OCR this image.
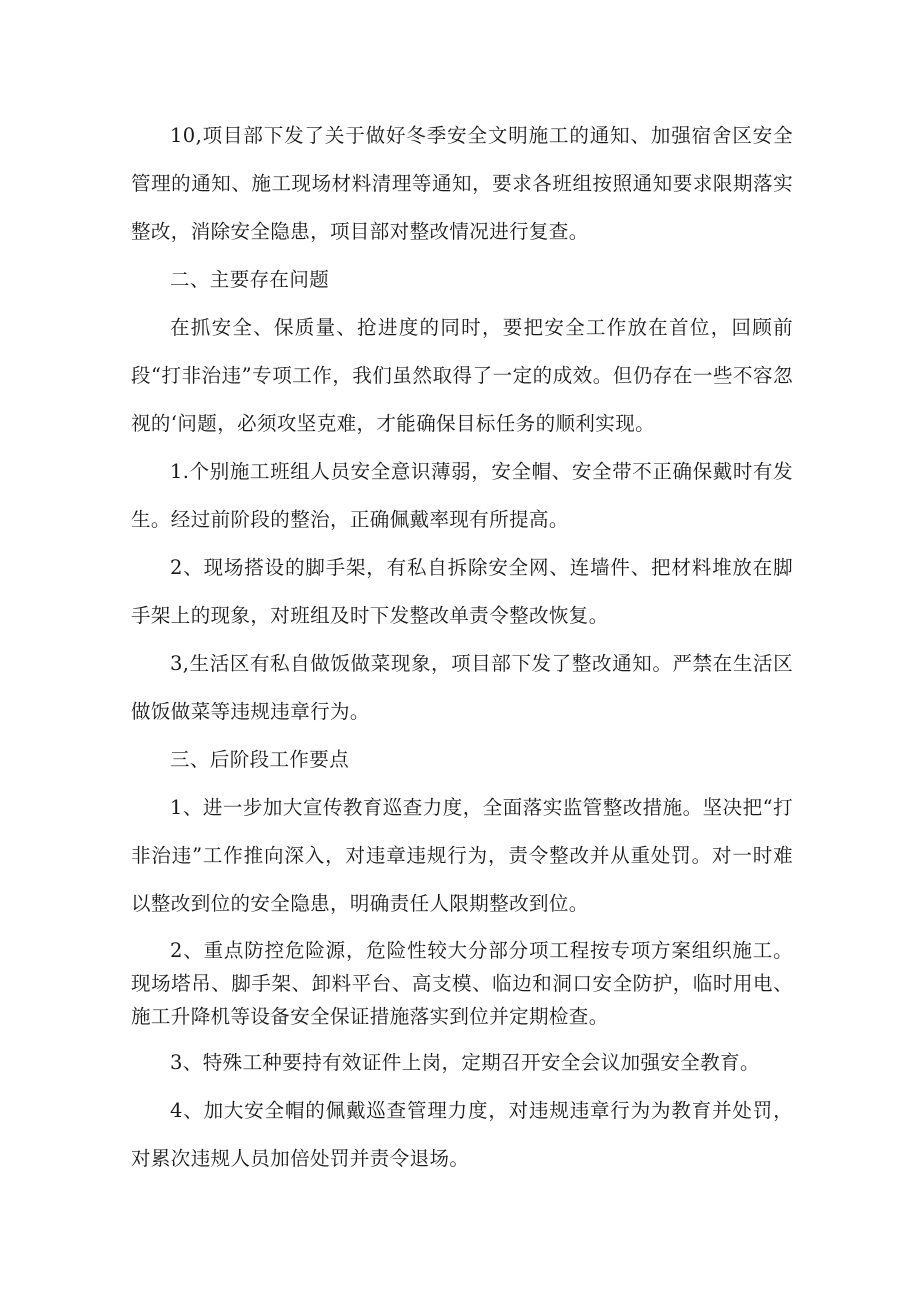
10,项目部下发了关于做好冬季安全文明施工的通知、加强宿舍区安全管理的通知、施工现场材料清理等通知，要求各班组按照通知要求限期落实整改，消除安全隐患，项目部对整改情况进行复查。

二、主要存在问题

在抓安全、保质量、抢进度的同时，要把安全工作放在首位，回顾前段“打非治违”专项工作，我们虽然取得了一定的成效。但仍存在一些不容忽视的‘问题，必须攻坚克难，才能确保目标任务的顺利实现。

1.个别施工班组人员安全意识薄弱，安全帽、安全带不正确保戴时有发生。经过前阶段的整治，正确佩戴率现有所提高。

2、现场搭设的脚手架，有私自拆除安全网、连墙件、把材料堆放在脚手架上的现象，对班组及时下发整改单责令整改恢复。

3,生活区有私自做饭做菜现象，项目部下发了整改通知。严禁在生活区做饭做菜等违规违章行为。

三、后阶段工作要点

1、进一步加大宣传教育巡查力度，全面落实监管整改措施。坚决把“打非治违”工作推向深入，对违章违规行为，责令整改并从重处罚。对一时难以整改到位的安全隐患，明确责任人限期整改到位。

2、重点防控危险源，危险性较大分部分项工程按专项方案组织施工。现场塔吊、脚手架、卸料平台、高支模、临边和洞口安全防护，临时用电、施工升降机等设备安全保证措施落实到位并定期检查。

3、特殊工种要持有效证件上岗，定期召开安全会议加强安全教育。

4、加大安全帽的佩戴巡查管理力度，对违规违章行为为教育并处罚，对累次违规人员加倍处罚并责令退场。
